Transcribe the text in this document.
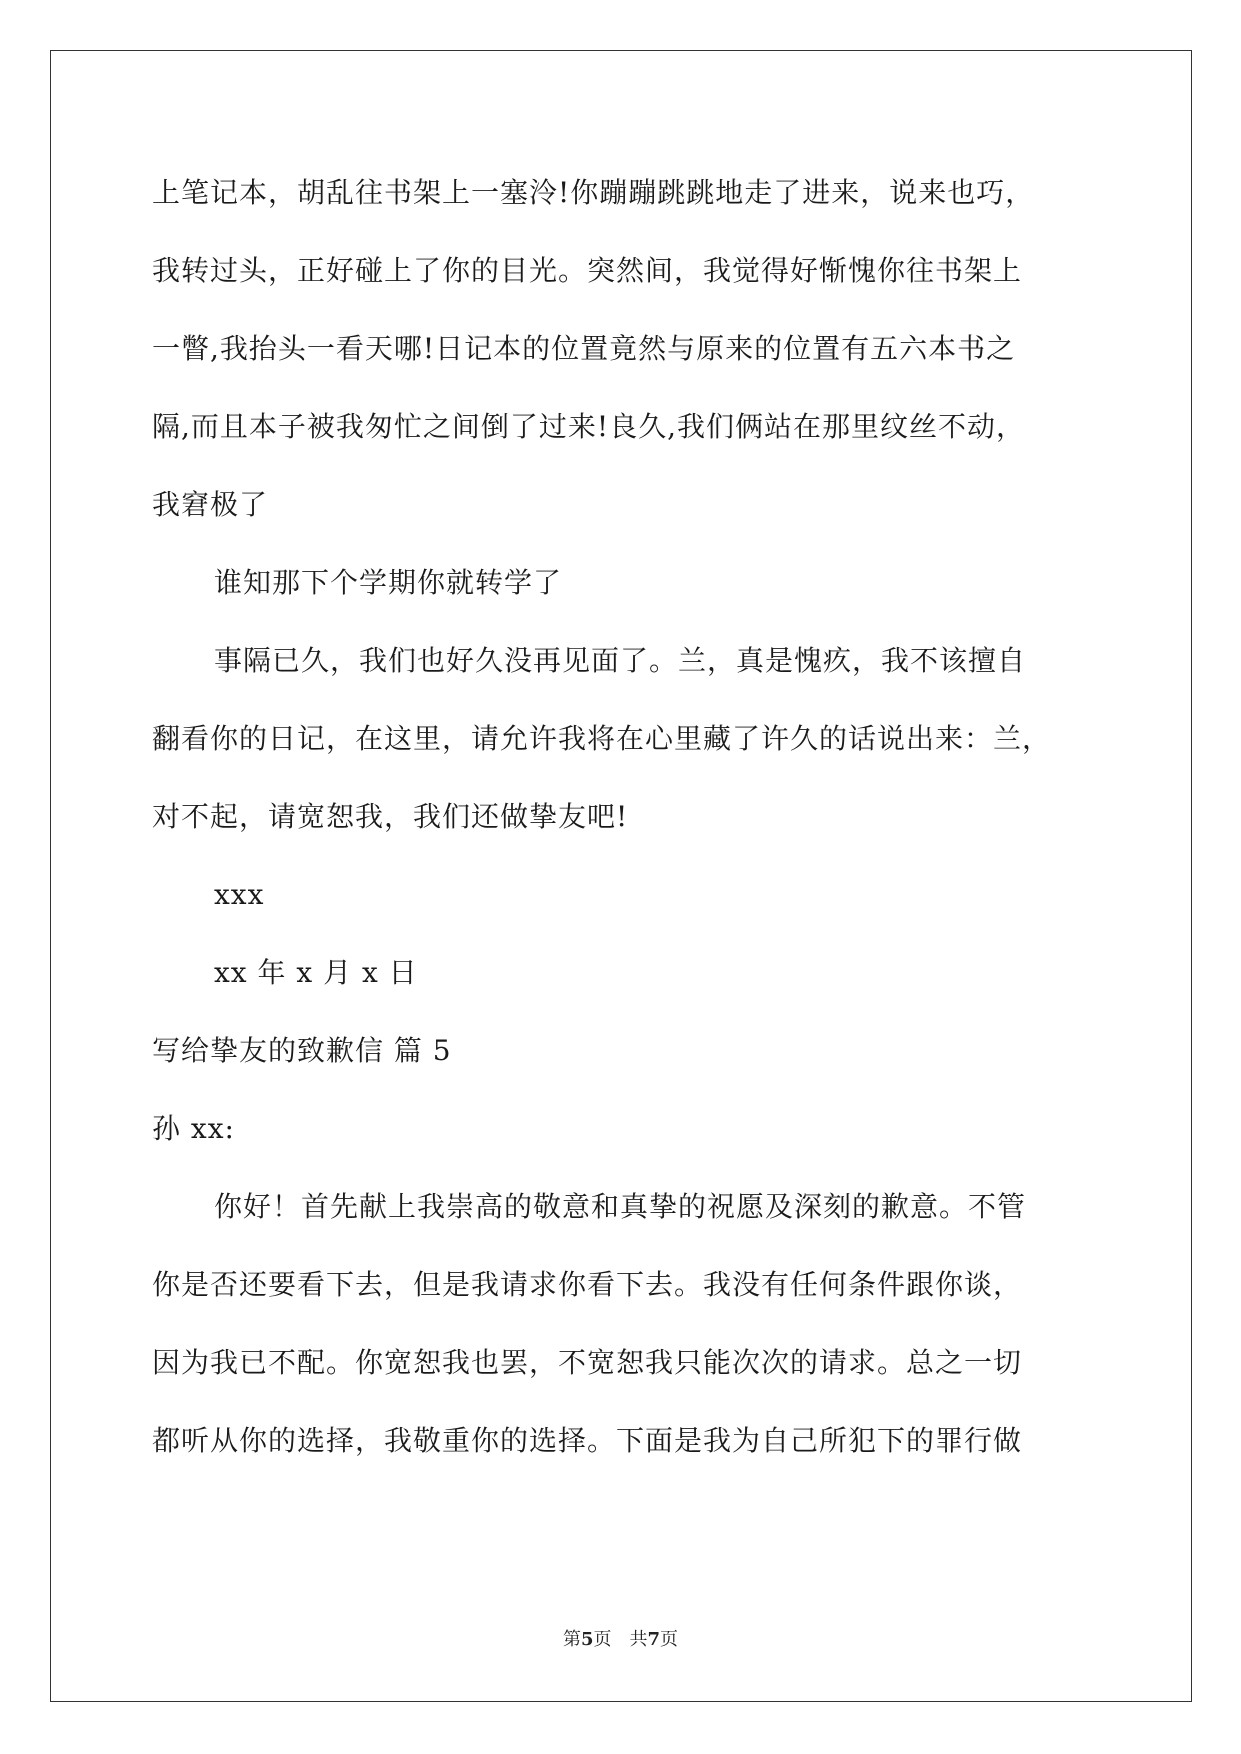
上笔记本，胡乱往书架上一塞泠!你蹦蹦跳跳地走了进来，说来也巧，
我转过头，正好碰上了你的目光。突然间，我觉得好惭愧你往书架上
一瞥,我抬头一看天哪!日记本的位置竟然与原来的位置有五六本书之
隔,而且本子被我匆忙之间倒了过来!良久,我们俩站在那里纹丝不动，
我窘极了
谁知那下个学期你就转学了
事隔已久，我们也好久没再见面了。兰，真是愧疚，我不该擅自
翻看你的日记，在这里，请允许我将在心里藏了许久的话说出来：兰，
对不起，请宽恕我，我们还做挚友吧!
xxx
xx 年 x 月 x 日
写给挚友的致歉信 篇 5
孙 xx:
你好！首先献上我崇高的敬意和真挚的祝愿及深刻的歉意。不管
你是否还要看下去，但是我请求你看下去。我没有任何条件跟你谈，
因为我已不配。你宽恕我也罢，不宽恕我只能次次的请求。总之一切
都听从你的选择，我敬重你的选择。下面是我为自己所犯下的罪行做
第5页　共7页
